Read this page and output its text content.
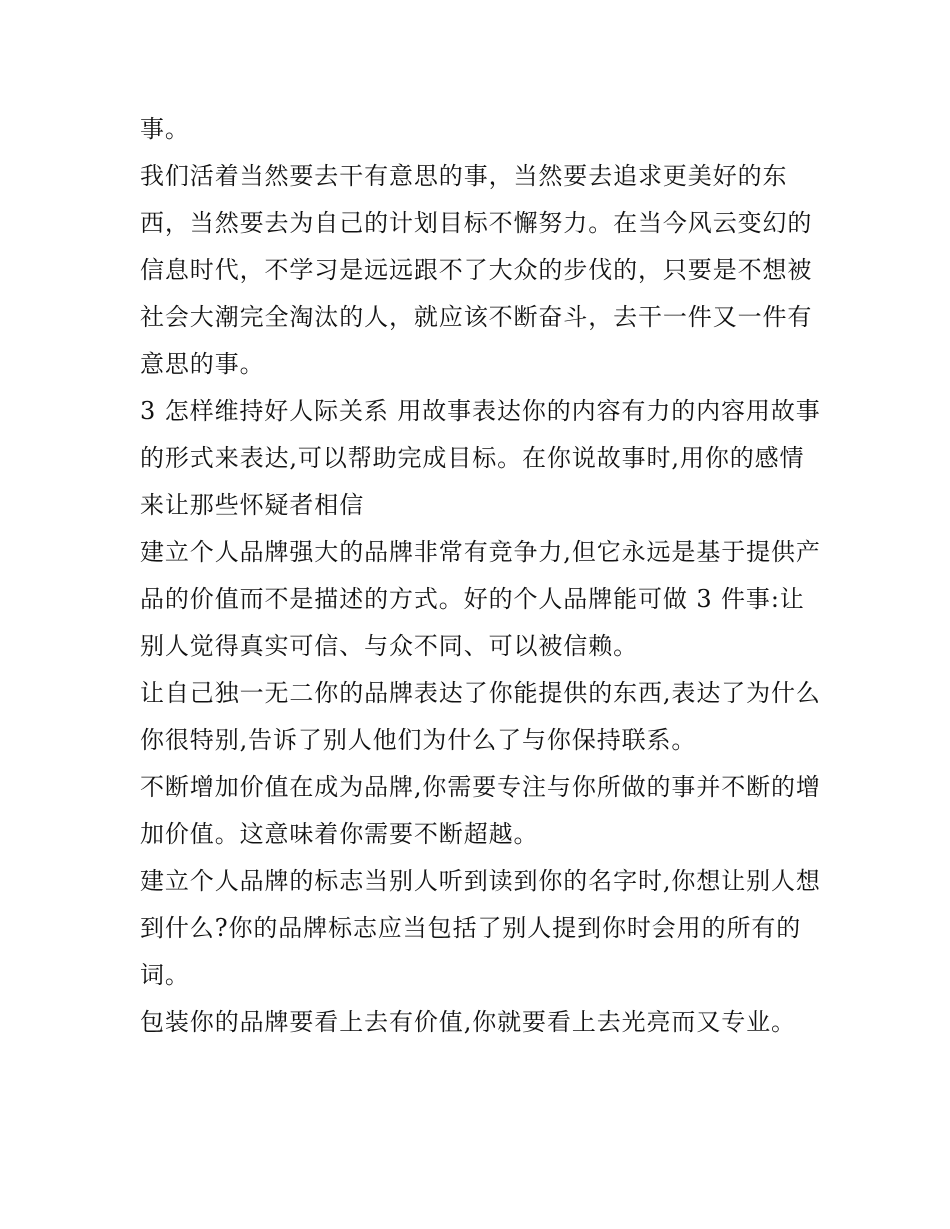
事。

我们活着当然要去干有意思的事，当然要去追求更美好的东西，当然要去为自己的计划目标不懈努力。在当今风云变幻的信息时代，不学习是远远跟不了大众的步伐的，只要是不想被社会大潮完全淘汰的人，就应该不断奋斗，去干一件又一件有意思的事。

3 怎样维持好人际关系 用故事表达你的内容有力的内容用故事的形式来表达,可以帮助完成目标。在你说故事时,用你的感情来让那些怀疑者相信

建立个人品牌强大的品牌非常有竞争力,但它永远是基于提供产品的价值而不是描述的方式。好的个人品牌能可做 3 件事:让别人觉得真实可信、与众不同、可以被信赖。

让自己独一无二你的品牌表达了你能提供的东西,表达了为什么你很特别,告诉了别人他们为什么了与你保持联系。

不断增加价值在成为品牌,你需要专注与你所做的事并不断的增加价值。这意味着你需要不断超越。

建立个人品牌的标志当别人听到读到你的名字时,你想让别人想到什么?你的品牌标志应当包括了别人提到你时会用的所有的词。

包装你的品牌要看上去有价值,你就要看上去光亮而又专业。
